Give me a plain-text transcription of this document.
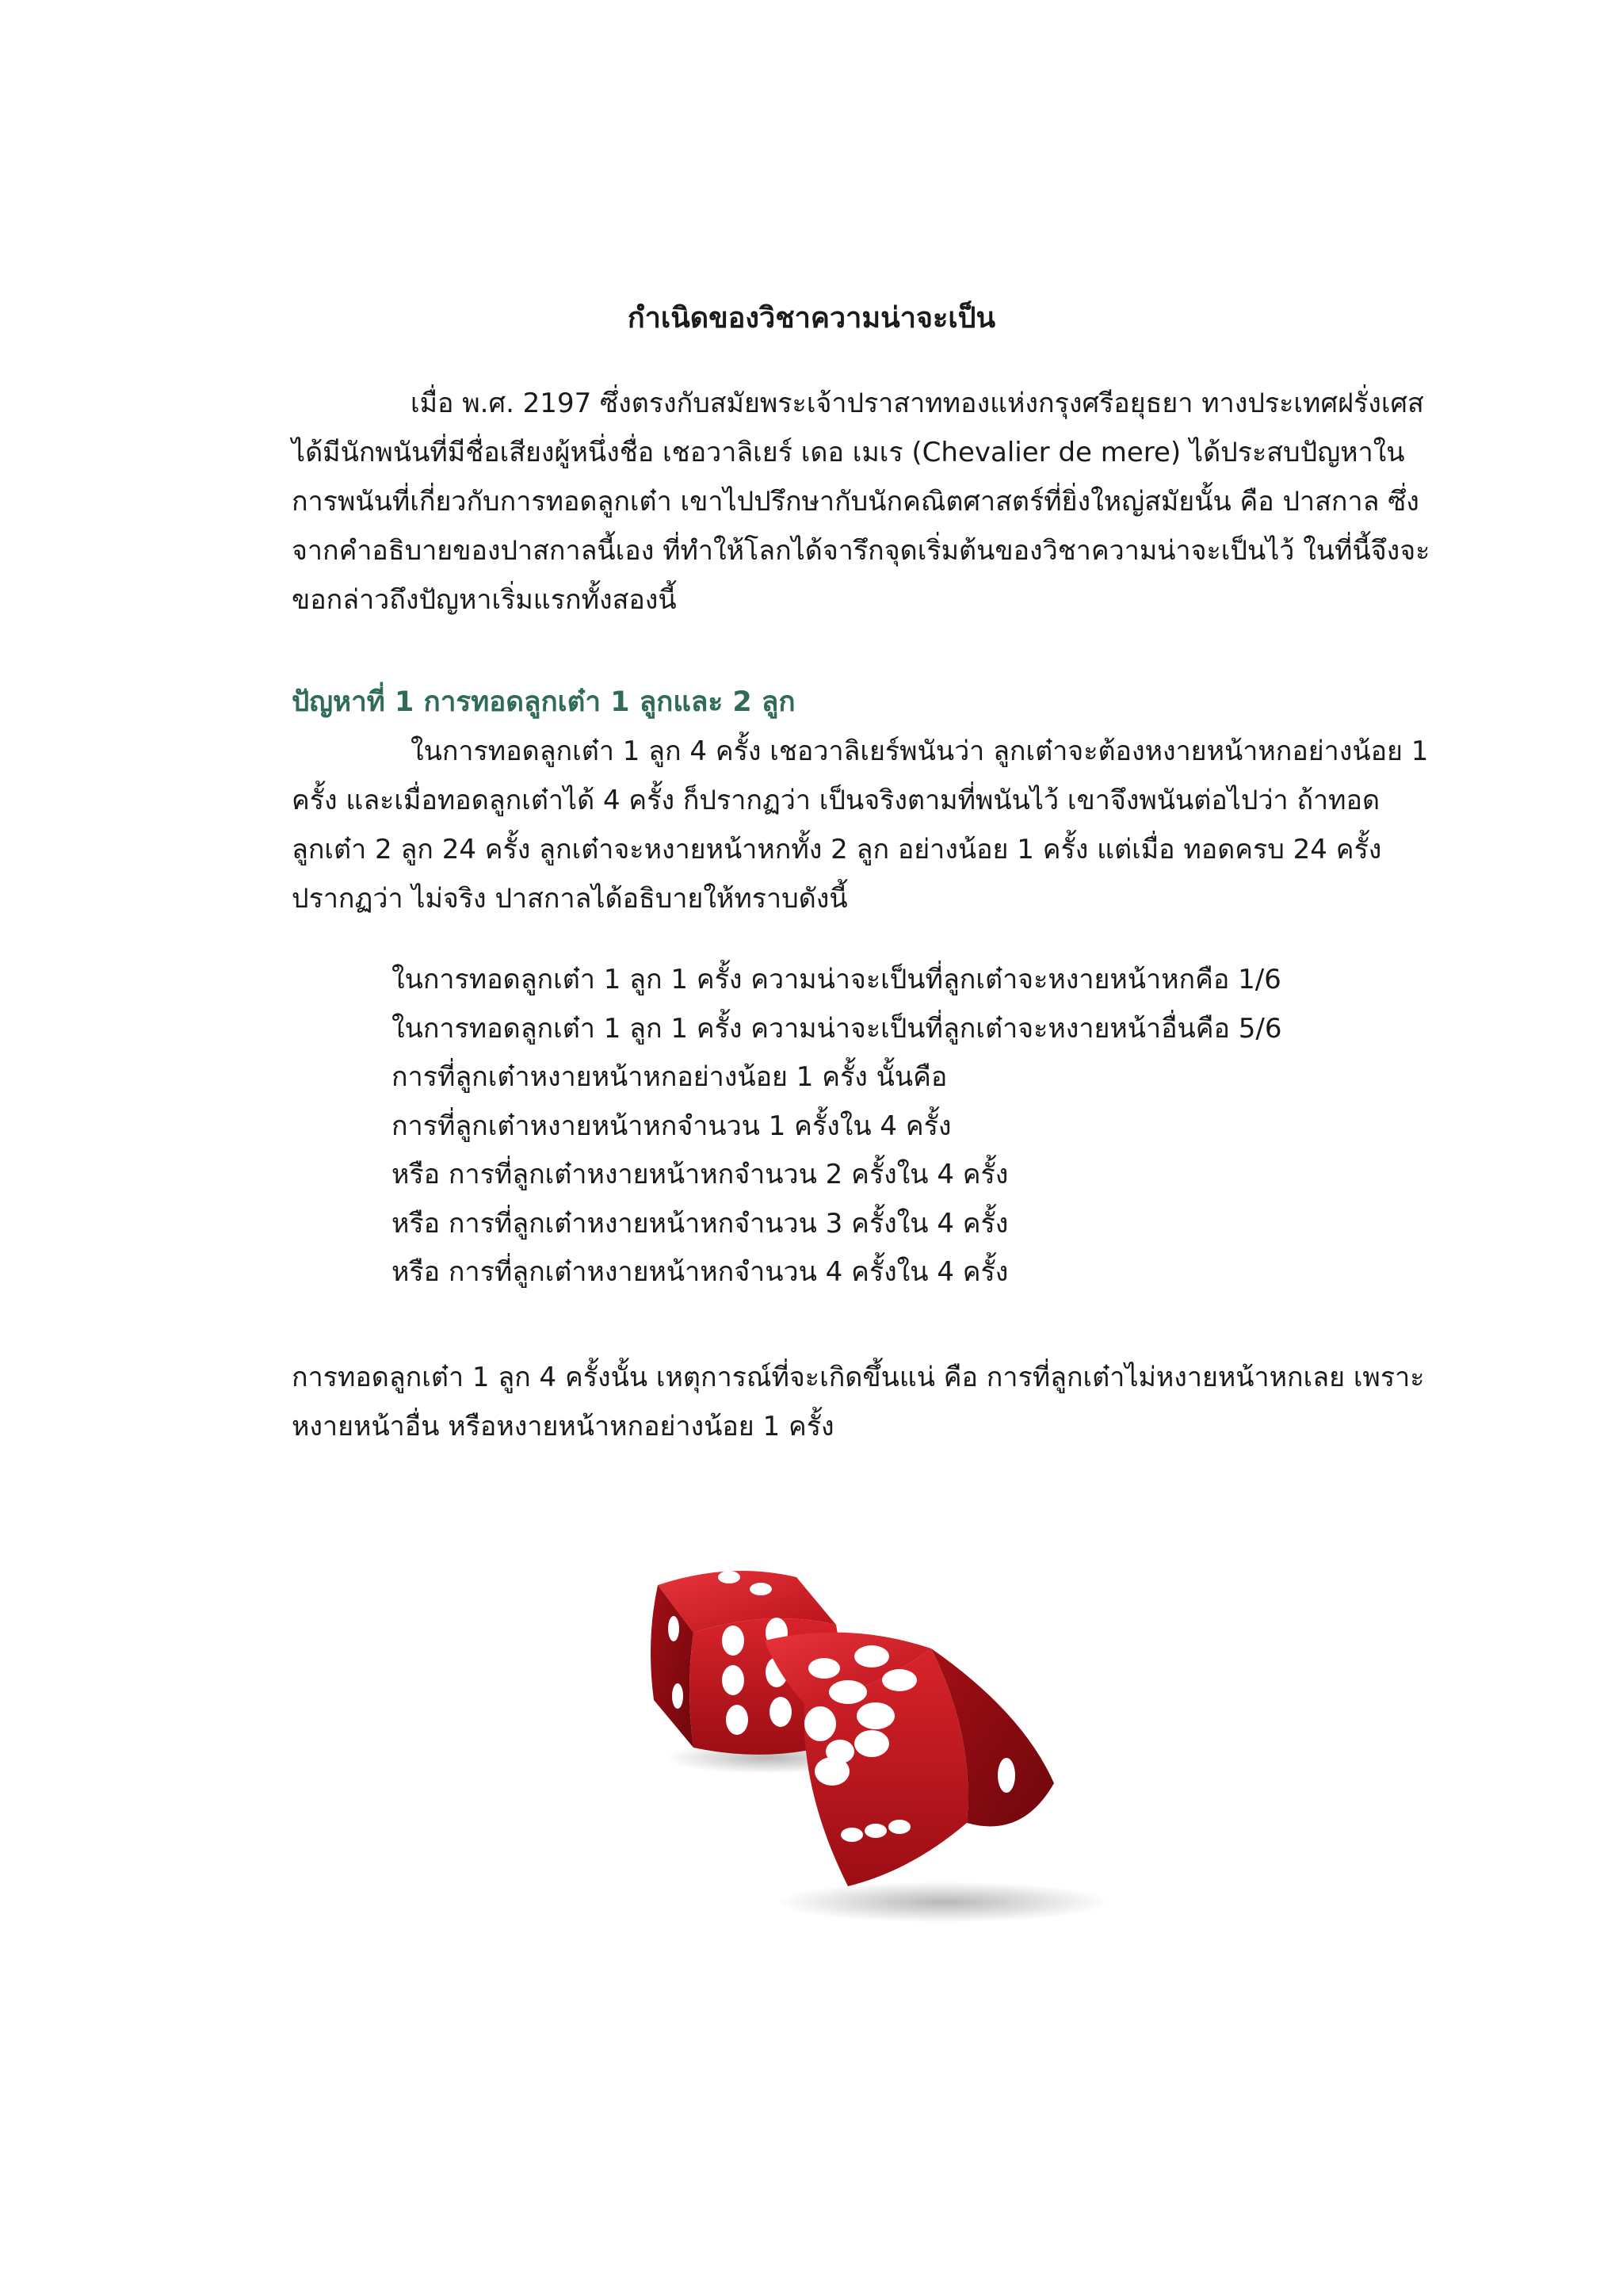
กำเนิดของวิชาความน่าจะเป็น
เมื่อ พ.ศ. 2197 ซึ่งตรงกับสมัยพระเจ้าปราสาททองแห่งกรุงศรีอยุธยา ทางประเทศฝรั่งเศส
ได้มีนักพนันที่มีชื่อเสียงผู้หนึ่งชื่อ เชอวาลิเยร์ เดอ เมเร (Chevalier de mere) ได้ประสบปัญหาใน
การพนันที่เกี่ยวกับการทอดลูกเต๋า เขาไปปรึกษากับนักคณิตศาสตร์ที่ยิ่งใหญ่สมัยนั้น คือ ปาสกาล ซึ่ง
จากคำอธิบายของปาสกาลนี้เอง ที่ทำให้โลกได้จารึกจุดเริ่มต้นของวิชาความน่าจะเป็นไว้ ในที่นี้จึงจะ
ขอกล่าวถึงปัญหาเริ่มแรกทั้งสองนี้
ปัญหาที่ 1 การทอดลูกเต๋า 1 ลูกและ 2 ลูก
ในการทอดลูกเต๋า 1 ลูก 4 ครั้ง เชอวาลิเยร์พนันว่า ลูกเต๋าจะต้องหงายหน้าหกอย่างน้อย 1
ครั้ง และเมื่อทอดลูกเต๋าได้ 4 ครั้ง ก็ปรากฏว่า เป็นจริงตามที่พนันไว้ เขาจึงพนันต่อไปว่า ถ้าทอด
ลูกเต๋า 2 ลูก 24 ครั้ง ลูกเต๋าจะหงายหน้าหกทั้ง 2 ลูก อย่างน้อย 1 ครั้ง แต่เมื่อ ทอดครบ 24 ครั้ง
ปรากฏว่า ไม่จริง ปาสกาลได้อธิบายให้ทราบดังนี้
ในการทอดลูกเต๋า 1 ลูก 1 ครั้ง ความน่าจะเป็นที่ลูกเต๋าจะหงายหน้าหกคือ 1/6
ในการทอดลูกเต๋า 1 ลูก 1 ครั้ง ความน่าจะเป็นที่ลูกเต๋าจะหงายหน้าอื่นคือ 5/6
การที่ลูกเต๋าหงายหน้าหกอย่างน้อย 1 ครั้ง นั้นคือ
การที่ลูกเต๋าหงายหน้าหกจำนวน 1 ครั้งใน 4 ครั้ง
หรือ การที่ลูกเต๋าหงายหน้าหกจำนวน 2 ครั้งใน 4 ครั้ง
หรือ การที่ลูกเต๋าหงายหน้าหกจำนวน 3 ครั้งใน 4 ครั้ง
หรือ การที่ลูกเต๋าหงายหน้าหกจำนวน 4 ครั้งใน 4 ครั้ง
การทอดลูกเต๋า 1 ลูก 4 ครั้งนั้น เหตุการณ์ที่จะเกิดขึ้นแน่ คือ การที่ลูกเต๋าไม่หงายหน้าหกเลย เพราะ
หงายหน้าอื่น หรือหงายหน้าหกอย่างน้อย 1 ครั้ง
